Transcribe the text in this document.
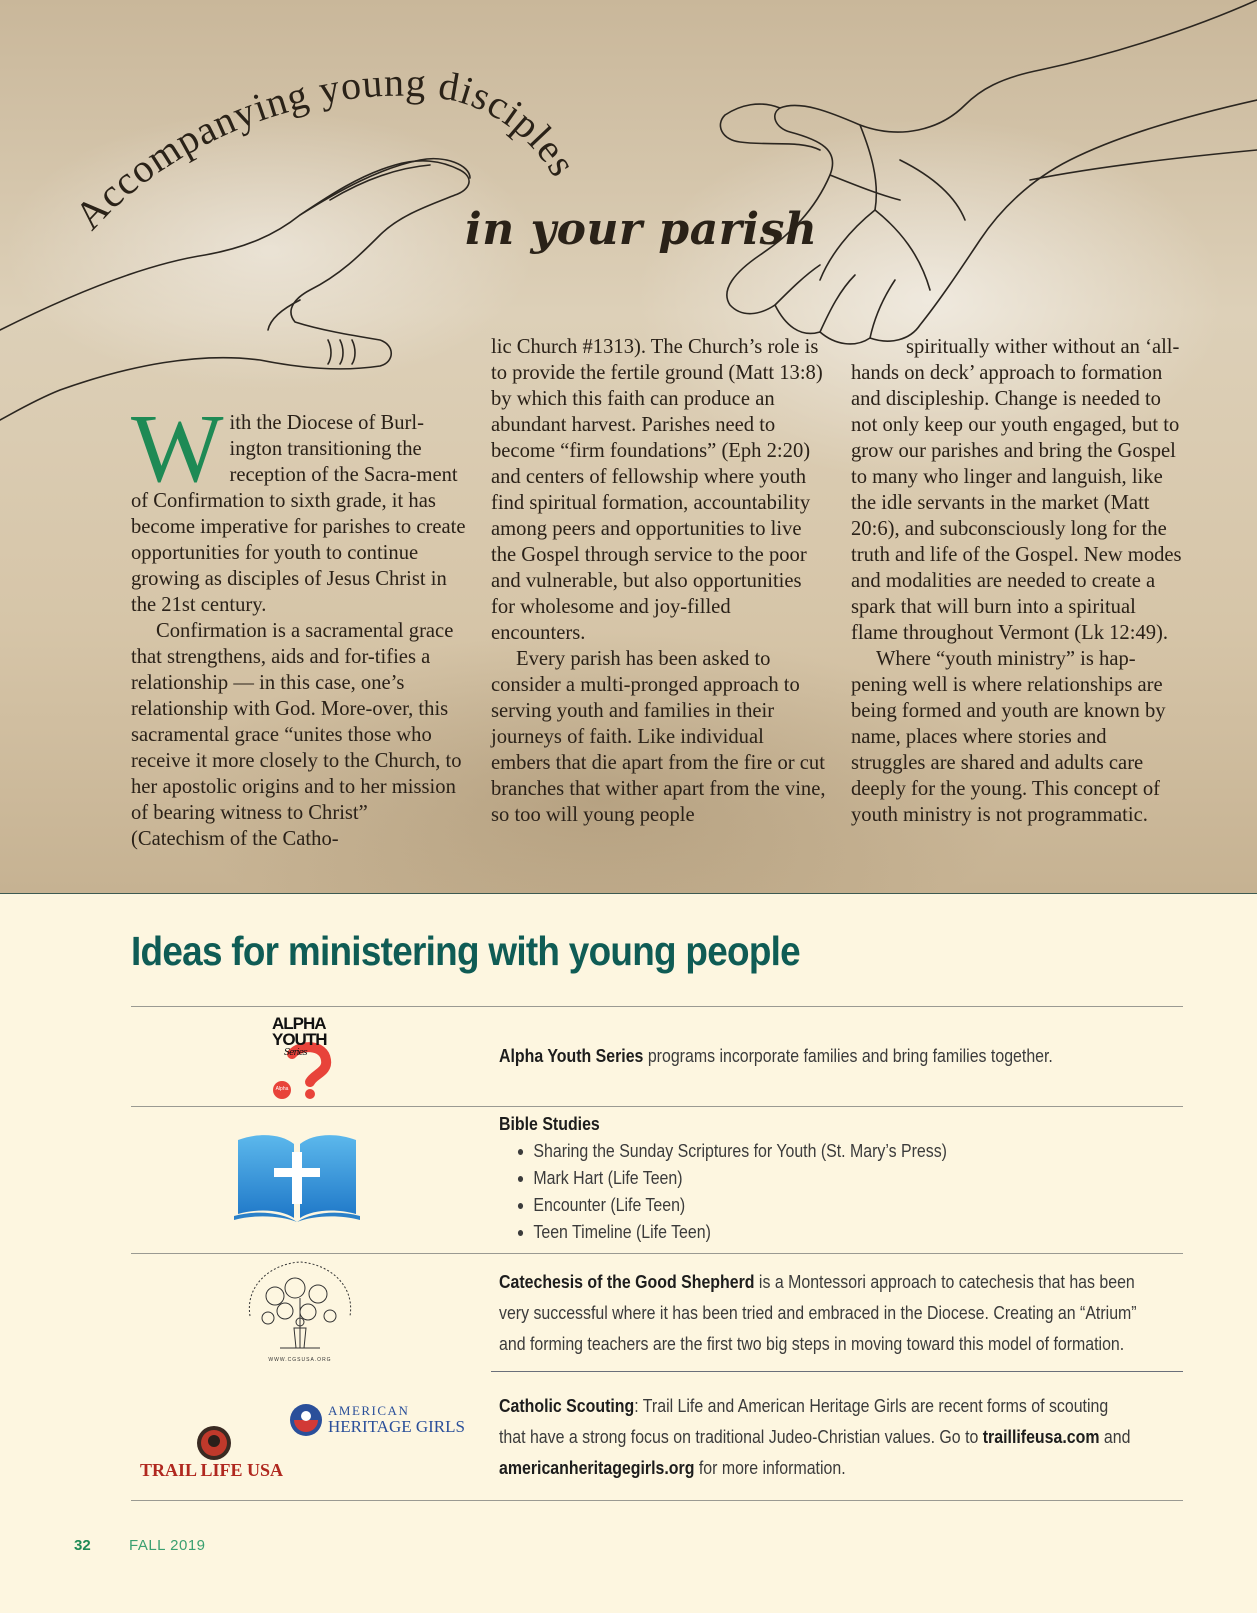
Accompanying young disciples
in your parish

With the Diocese of Burl-ington transitioning the reception of the Sacra-ment of Confirmation to sixth grade, it has become imperative for parishes to create opportunities for youth to continue growing as disciples of Jesus Christ in the 21st century.

Confirmation is a sacramental grace that strengthens, aids and for-tifies a relationship — in this case, one’s relationship with God. More-over, this sacramental grace “unites those who receive it more closely to the Church, to her apostolic origins and to her mission of bearing witness to Christ” (Catechism of the Catho-

lic Church #1313). The Church’s role is to provide the fertile ground (Matt 13:8) by which this faith can produce an abundant harvest. Parishes need to become “firm foundations” (Eph 2:20) and centers of fellowship where youth find spiritual formation, accountability among peers and opportunities to live the Gospel through service to the poor and vulnerable, but also opportunities for wholesome and joy-filled encounters.

Every parish has been asked to consider a multi-pronged approach to serving youth and families in their journeys of faith. Like individual embers that die apart from the fire or cut branches that wither apart from the vine, so too will young people

spiritually wither without an ‘all-hands on deck’ approach to formation and discipleship. Change is needed to not only keep our youth engaged, but to grow our parishes and bring the Gospel to many who linger and languish, like the idle servants in the market (Matt 20:6), and subconsciously long for the truth and life of the Gospel. New modes and modalities are needed to create a spark that will burn into a spiritual flame throughout Vermont (Lk 12:49).

Where “youth ministry” is hap-pening well is where relationships are being formed and youth are known by name, places where stories and struggles are shared and adults care deeply for the young. This concept of youth ministry is not programmatic.

Ideas for ministering with young people
ALPHA
YOUTH
Series
Alpha
Alpha Youth Series programs incorporate families and bring families together.
Bible Studies
• Sharing the Sunday Scriptures for Youth (St. Mary’s Press)
• Mark Hart (Life Teen)
• Encounter (Life Teen)
• Teen Timeline (Life Teen)
WWW.CGSUSA.ORG
Catechesis of the Good Shepherd is a Montessori approach to catechesis that has been
very successful where it has been tried and embraced in the Diocese. Creating an “Atrium”
and forming teachers are the first two big steps in moving toward this model of formation.
AMERICAN
HERITAGE GIRLS
TRAIL LIFE USA
Catholic Scouting: Trail Life and American Heritage Girls are recent forms of scouting
that have a strong focus on traditional Judeo-Christian values. Go to traillifeusa.com and
americanheritagegirls.org for more information.
32	FALL 2019
